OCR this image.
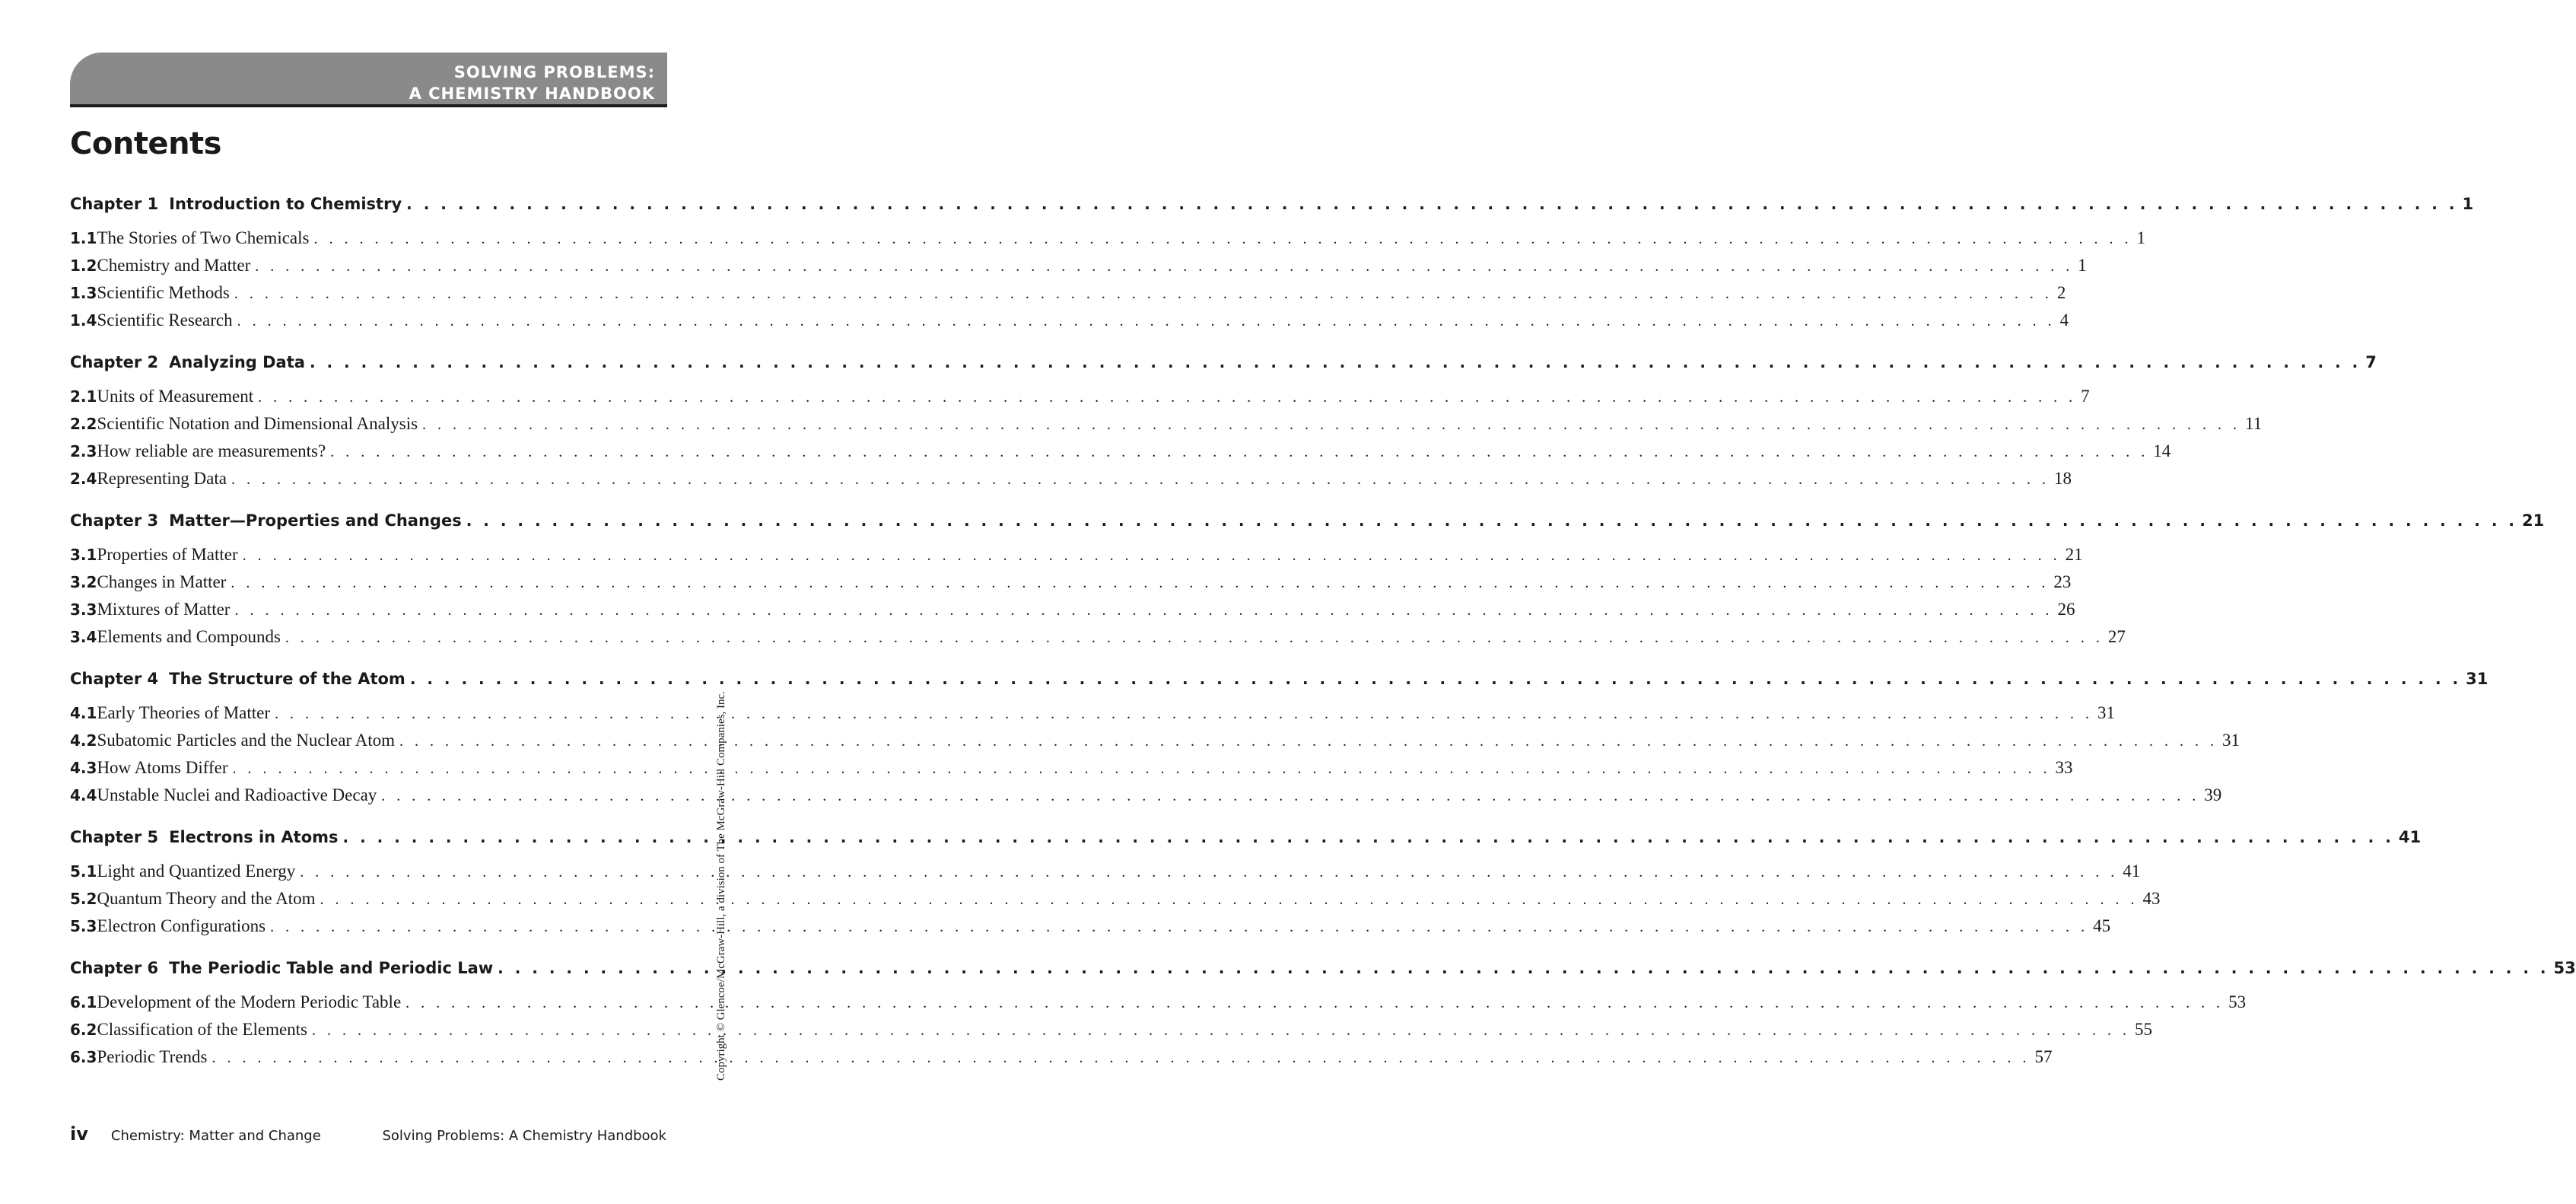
SOLVING PROBLEMS:
A CHEMISTRY HANDBOOK
Contents
Chapter 1 Introduction to Chemistry . . . . . . . . . . . . . . . . . . . . . . . . . . . . . . . . . . . . . . . . . . . . . . . . . . . . . . . . . . . . . . . . . . . . . . . . . . . . . . . . . . . . . . . . . . . . . . . . . . . . . . . . . . . . . . . . . . . . . . . . 1
1.1 The Stories of Two Chemicals . . . . . . . . . . . . . . . . . . . . . . . . . . . . . . . . . . . . . . . . . . . . . . . . . . . . . . . . . . . . . . . . . . . . . . . . . . . . . . . . . . . . . . . . . . . . . . . . . . . . . . . . . . . . . . . . . . . . . . . . 1
1.2 Chemistry and Matter . . . . . . . . . . . . . . . . . . . . . . . . . . . . . . . . . . . . . . . . . . . . . . . . . . . . . . . . . . . . . . . . . . . . . . . . . . . . . . . . . . . . . . . . . . . . . . . . . . . . . . . . . . . . . . . . . . . . . . . . 1
1.3 Scientific Methods . . . . . . . . . . . . . . . . . . . . . . . . . . . . . . . . . . . . . . . . . . . . . . . . . . . . . . . . . . . . . . . . . . . . . . . . . . . . . . . . . . . . . . . . . . . . . . . . . . . . . . . . . . . . . . . . . . . . . . . . 2
1.4 Scientific Research . . . . . . . . . . . . . . . . . . . . . . . . . . . . . . . . . . . . . . . . . . . . . . . . . . . . . . . . . . . . . . . . . . . . . . . . . . . . . . . . . . . . . . . . . . . . . . . . . . . . . . . . . . . . . . . . . . . . . . . . 4
Chapter 2 Analyzing Data . . . . . . . . . . . . . . . . . . . . . . . . . . . . . . . . . . . . . . . . . . . . . . . . . . . . . . . . . . . . . . . . . . . . . . . . . . . . . . . . . . . . . . . . . . . . . . . . . . . . . . . . . . . . . . . . . . . . . . . . 7
2.1 Units of Measurement . . . . . . . . . . . . . . . . . . . . . . . . . . . . . . . . . . . . . . . . . . . . . . . . . . . . . . . . . . . . . . . . . . . . . . . . . . . . . . . . . . . . . . . . . . . . . . . . . . . . . . . . . . . . . . . . . . . . . . . . 7
2.2 Scientific Notation and Dimensional Analysis . . . . . . . . . . . . . . . . . . . . . . . . . . . . . . . . . . . . . . . . . . . . . . . . . . . . . . . . . . . . . . . . . . . . . . . . . . . . . . . . . . . . . . . . . . . . . . . . . . . . . . . . . . . . . . . . . . . . . . . . 11
2.3 How reliable are measurements? . . . . . . . . . . . . . . . . . . . . . . . . . . . . . . . . . . . . . . . . . . . . . . . . . . . . . . . . . . . . . . . . . . . . . . . . . . . . . . . . . . . . . . . . . . . . . . . . . . . . . . . . . . . . . . . . . . . . . . . . 14
2.4 Representing Data . . . . . . . . . . . . . . . . . . . . . . . . . . . . . . . . . . . . . . . . . . . . . . . . . . . . . . . . . . . . . . . . . . . . . . . . . . . . . . . . . . . . . . . . . . . . . . . . . . . . . . . . . . . . . . . . . . . . . . . . 18
Chapter 3 Matter—Properties and Changes . . . . . . . . . . . . . . . . . . . . . . . . . . . . . . . . . . . . . . . . . . . . . . . . . . . . . . . . . . . . . . . . . . . . . . . . . . . . . . . . . . . . . . . . . . . . . . . . . . . . . . . . . . . . . . . . . . . . . . . . 21
3.1 Properties of Matter . . . . . . . . . . . . . . . . . . . . . . . . . . . . . . . . . . . . . . . . . . . . . . . . . . . . . . . . . . . . . . . . . . . . . . . . . . . . . . . . . . . . . . . . . . . . . . . . . . . . . . . . . . . . . . . . . . . . . . . . 21
3.2 Changes in Matter . . . . . . . . . . . . . . . . . . . . . . . . . . . . . . . . . . . . . . . . . . . . . . . . . . . . . . . . . . . . . . . . . . . . . . . . . . . . . . . . . . . . . . . . . . . . . . . . . . . . . . . . . . . . . . . . . . . . . . . . 23
3.3 Mixtures of Matter . . . . . . . . . . . . . . . . . . . . . . . . . . . . . . . . . . . . . . . . . . . . . . . . . . . . . . . . . . . . . . . . . . . . . . . . . . . . . . . . . . . . . . . . . . . . . . . . . . . . . . . . . . . . . . . . . . . . . . . . 26
3.4 Elements and Compounds . . . . . . . . . . . . . . . . . . . . . . . . . . . . . . . . . . . . . . . . . . . . . . . . . . . . . . . . . . . . . . . . . . . . . . . . . . . . . . . . . . . . . . . . . . . . . . . . . . . . . . . . . . . . . . . . . . . . . . . . 27
Chapter 4 The Structure of the Atom . . . . . . . . . . . . . . . . . . . . . . . . . . . . . . . . . . . . . . . . . . . . . . . . . . . . . . . . . . . . . . . . . . . . . . . . . . . . . . . . . . . . . . . . . . . . . . . . . . . . . . . . . . . . . . . . . . . . . . . . 31
4.1 Early Theories of Matter . . . . . . . . . . . . . . . . . . . . . . . . . . . . . . . . . . . . . . . . . . . . . . . . . . . . . . . . . . . . . . . . . . . . . . . . . . . . . . . . . . . . . . . . . . . . . . . . . . . . . . . . . . . . . . . . . . . . . . . . 31
4.2 Subatomic Particles and the Nuclear Atom . . . . . . . . . . . . . . . . . . . . . . . . . . . . . . . . . . . . . . . . . . . . . . . . . . . . . . . . . . . . . . . . . . . . . . . . . . . . . . . . . . . . . . . . . . . . . . . . . . . . . . . . . . . . . . . . . . . . . . . . 31
4.3 How Atoms Differ . . . . . . . . . . . . . . . . . . . . . . . . . . . . . . . . . . . . . . . . . . . . . . . . . . . . . . . . . . . . . . . . . . . . . . . . . . . . . . . . . . . . . . . . . . . . . . . . . . . . . . . . . . . . . . . . . . . . . . . . 33
4.4 Unstable Nuclei and Radioactive Decay . . . . . . . . . . . . . . . . . . . . . . . . . . . . . . . . . . . . . . . . . . . . . . . . . . . . . . . . . . . . . . . . . . . . . . . . . . . . . . . . . . . . . . . . . . . . . . . . . . . . . . . . . . . . . . . . . . . . . . . . 39
Chapter 5 Electrons in Atoms . . . . . . . . . . . . . . . . . . . . . . . . . . . . . . . . . . . . . . . . . . . . . . . . . . . . . . . . . . . . . . . . . . . . . . . . . . . . . . . . . . . . . . . . . . . . . . . . . . . . . . . . . . . . . . . . . . . . . . . . 41
5.1 Light and Quantized Energy . . . . . . . . . . . . . . . . . . . . . . . . . . . . . . . . . . . . . . . . . . . . . . . . . . . . . . . . . . . . . . . . . . . . . . . . . . . . . . . . . . . . . . . . . . . . . . . . . . . . . . . . . . . . . . . . . . . . . . . . 41
5.2 Quantum Theory and the Atom . . . . . . . . . . . . . . . . . . . . . . . . . . . . . . . . . . . . . . . . . . . . . . . . . . . . . . . . . . . . . . . . . . . . . . . . . . . . . . . . . . . . . . . . . . . . . . . . . . . . . . . . . . . . . . . . . . . . . . . . 43
5.3 Electron Configurations . . . . . . . . . . . . . . . . . . . . . . . . . . . . . . . . . . . . . . . . . . . . . . . . . . . . . . . . . . . . . . . . . . . . . . . . . . . . . . . . . . . . . . . . . . . . . . . . . . . . . . . . . . . . . . . . . . . . . . . . 45
Chapter 6 The Periodic Table and Periodic Law . . . . . . . . . . . . . . . . . . . . . . . . . . . . . . . . . . . . . . . . . . . . . . . . . . . . . . . . . . . . . . . . . . . . . . . . . . . . . . . . . . . . . . . . . . . . . . . . . . . . . . . . . . . . . . . . . . . . . . . . 53
6.1 Development of the Modern Periodic Table . . . . . . . . . . . . . . . . . . . . . . . . . . . . . . . . . . . . . . . . . . . . . . . . . . . . . . . . . . . . . . . . . . . . . . . . . . . . . . . . . . . . . . . . . . . . . . . . . . . . . . . . . . . . . . . . . . . . . . . . 53
6.2 Classification of the Elements . . . . . . . . . . . . . . . . . . . . . . . . . . . . . . . . . . . . . . . . . . . . . . . . . . . . . . . . . . . . . . . . . . . . . . . . . . . . . . . . . . . . . . . . . . . . . . . . . . . . . . . . . . . . . . . . . . . . . . . . 55
6.3 Periodic Trends . . . . . . . . . . . . . . . . . . . . . . . . . . . . . . . . . . . . . . . . . . . . . . . . . . . . . . . . . . . . . . . . . . . . . . . . . . . . . . . . . . . . . . . . . . . . . . . . . . . . . . . . . . . . . . . . . . . . . . . . 57
Copyright © Glencoe/McGraw-Hill, a division of The McGraw-Hill Companies, Inc.
iv Chemistry: Matter and Change	Solving Problems: A Chemistry Handbook
